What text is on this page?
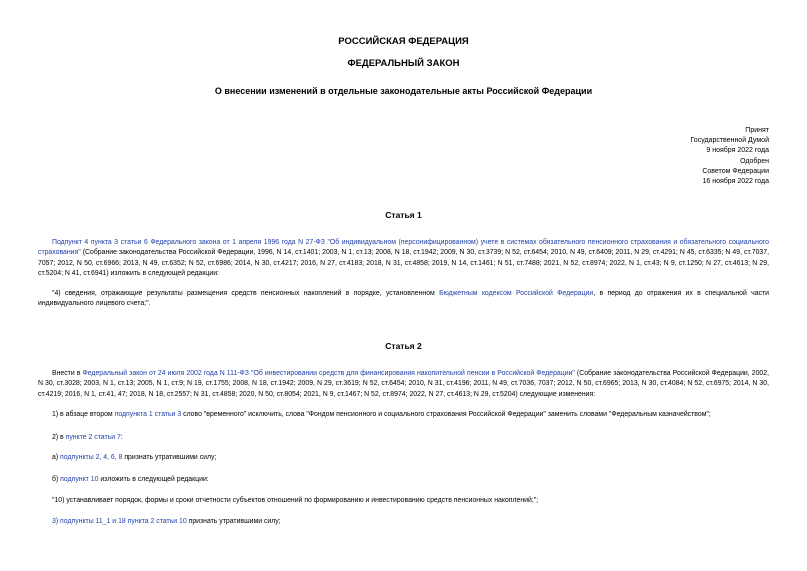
РОССИЙСКАЯ ФЕДЕРАЦИЯ
ФЕДЕРАЛЬНЫЙ ЗАКОН
О внесении изменений в отдельные законодательные акты Российской Федерации
Принят
Государственной Думой
9 ноября 2022 года
Одобрен
Советом Федерации
16 ноября 2022 года
Статья 1
Подпункт 4 пункта 3 статьи 6 Федерального закона от 1 апреля 1996 года N 27-ФЗ "Об индивидуальном (персонифицированном) учете в системах обязательного пенсионного страхования и обязательного социального страхования" (Собрание законодательства Российской Федерации, 1996, N 14, ст.1401; 2003, N 1, ст.13; 2008, N 18, ст.1942; 2009, N 30, ст.3739; N 52, ст.6454; 2010, N 49, ст.6409; 2011, N 29, ст.4291; N 45, ст.6335; N 49, ст.7037, 7057; 2012, N 50, ст.6966; 2013, N 49, ст.6352; N 52, ст.6986; 2014, N 30, ст.4217; 2016, N 27, ст.4183; 2018, N 31, ст.4858; 2019, N 14, ст.1461; N 51, ст.7488; 2021, N 52, ст.8974; 2022, N 1, ст.43; N 9, ст.1250; N 27, ст.4613; N 29, ст.5204; N 41, ст.6941) изложить в следующей редакции:
"4) сведения, отражающие результаты размещения средств пенсионных накоплений в порядке, установленном Бюджетным кодексом Российской Федерации, в период до отражения их в специальной части индивидуального лицевого счета;".
Статья 2
Внести в Федеральный закон от 24 июля 2002 года N 111-ФЗ "Об инвестировании средств для финансирования накопительной пенсии в Российской Федерации" (Собрание законодательства Российской Федерации, 2002, N 30, ст.3028; 2003, N 1, ст.13; 2005, N 1, ст.9; N 19, ст.1755; 2008, N 18, ст.1942; 2009, N 29, ст.3619; N 52, ст.6454; 2010, N 31, ст.4196; 2011, N 49, ст.7036, 7037; 2012, N 50, ст.6965; 2013, N 30, ст.4084; N 52, ст.6975; 2014, N 30, ст.4219; 2016, N 1, ст.41, 47; 2018, N 18, ст.2557; N 31, ст.4858; 2020, N 50, ст.8054; 2021, N 9, ст.1467; N 52, ст.8974; 2022, N 27, ст.4613; N 29, ст.5204) следующие изменения:
1) в абзаце втором подпункта 1 статьи 3 слово "временного" исключить, слова "Фондом пенсионного и социального страхования Российской Федерации" заменить словами "Федеральным казначейством";
2) в пункте 2 статьи 7:
а) подпункты 2, 4, 6, 8 признать утратившими силу;
б) подпункт 10 изложить в следующей редакции:
"10) устанавливает порядок, формы и сроки отчетности субъектов отношений по формированию и инвестированию средств пенсионных накоплений;";
3) подпункты 11_1 и 18 пункта 2 статьи 10 признать утратившими силу;
